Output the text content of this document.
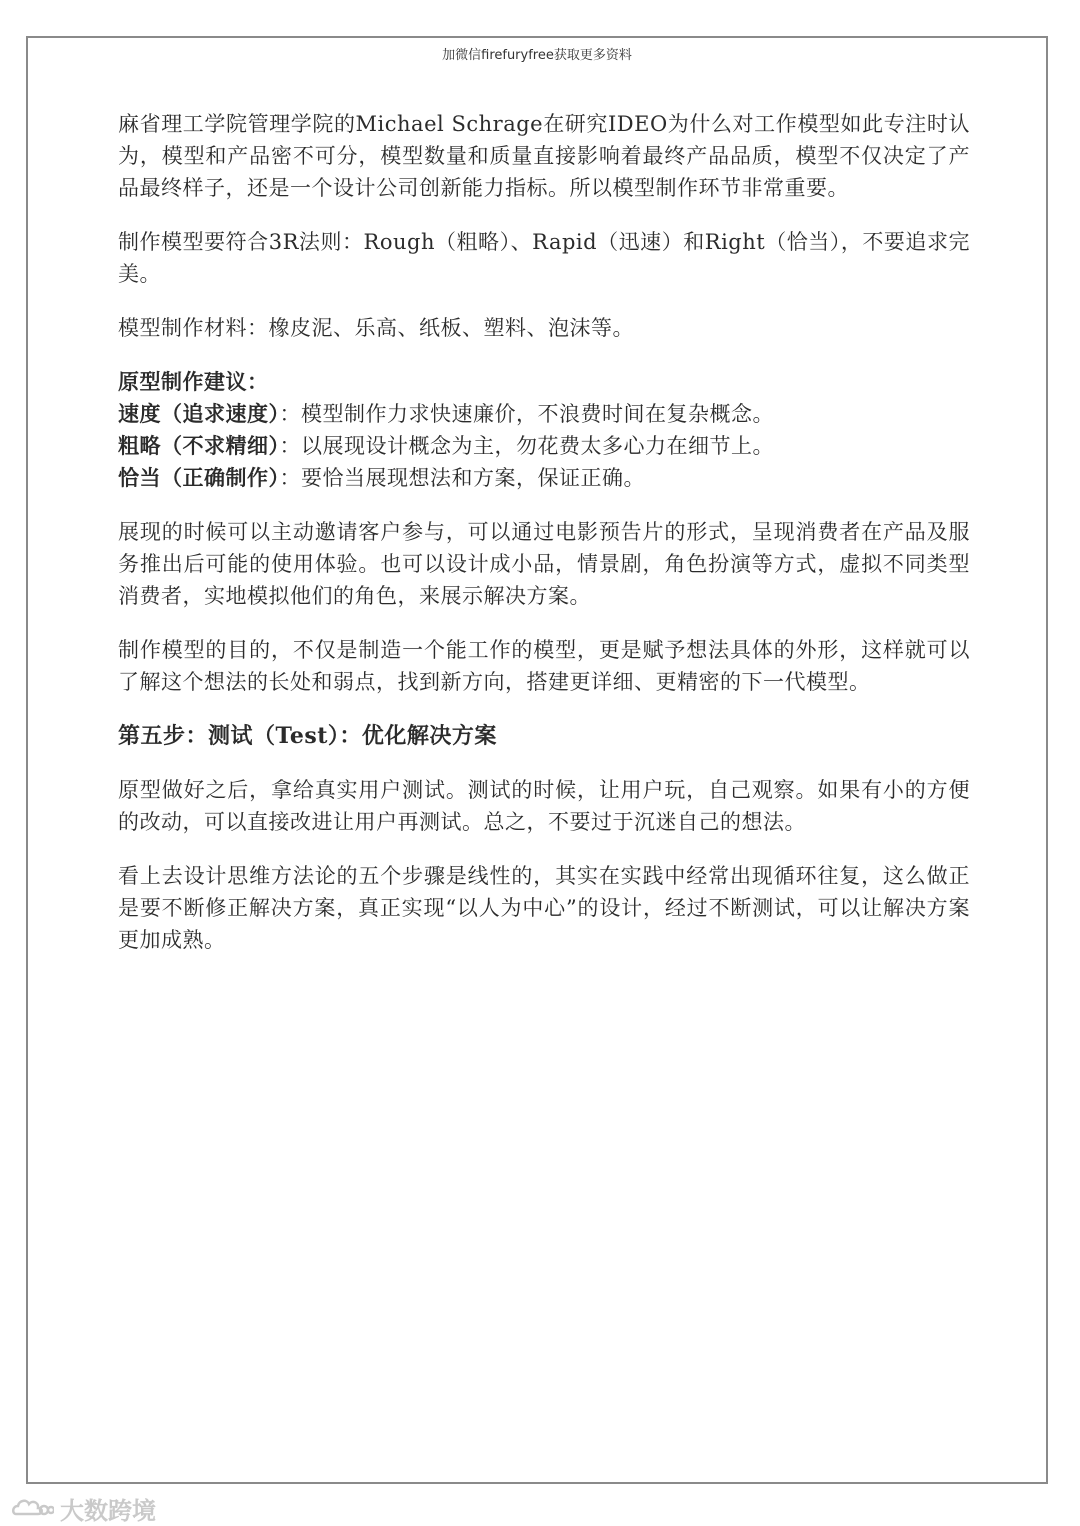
加微信firefuryfree获取更多资料

麻省理工学院管理学院的Michael Schrage在研究IDEO为什么对工作模型如此专注时认为，模型和产品密不可分，模型数量和质量直接影响着最终产品品质，模型不仅决定了产品最终样子，还是一个设计公司创新能力指标。所以模型制作环节非常重要。

制作模型要符合3R法则：Rough（粗略）、Rapid（迅速）和Right（恰当），不要追求完美。

模型制作材料：橡皮泥、乐高、纸板、塑料、泡沫等。

原型制作建议：
速度（追求速度）：模型制作力求快速廉价，不浪费时间在复杂概念。
粗略（不求精细）：以展现设计概念为主，勿花费太多心力在细节上。
恰当（正确制作）：要恰当展现想法和方案，保证正确。

展现的时候可以主动邀请客户参与，可以通过电影预告片的形式，呈现消费者在产品及服务推出后可能的使用体验。也可以设计成小品，情景剧，角色扮演等方式，虚拟不同类型消费者，实地模拟他们的角色，来展示解决方案。

制作模型的目的，不仅是制造一个能工作的模型，更是赋予想法具体的外形，这样就可以了解这个想法的长处和弱点，找到新方向，搭建更详细、更精密的下一代模型。

第五步：测试（Test）：优化解决方案

原型做好之后，拿给真实用户测试。测试的时候，让用户玩，自己观察。如果有小的方便的改动，可以直接改进让用户再测试。总之，不要过于沉迷自己的想法。

看上去设计思维方法论的五个步骤是线性的，其实在实践中经常出现循环往复，这么做正是要不断修正解决方案，真正实现“以人为中心”的设计，经过不断测试，可以让解决方案更加成熟。

大数跨境
